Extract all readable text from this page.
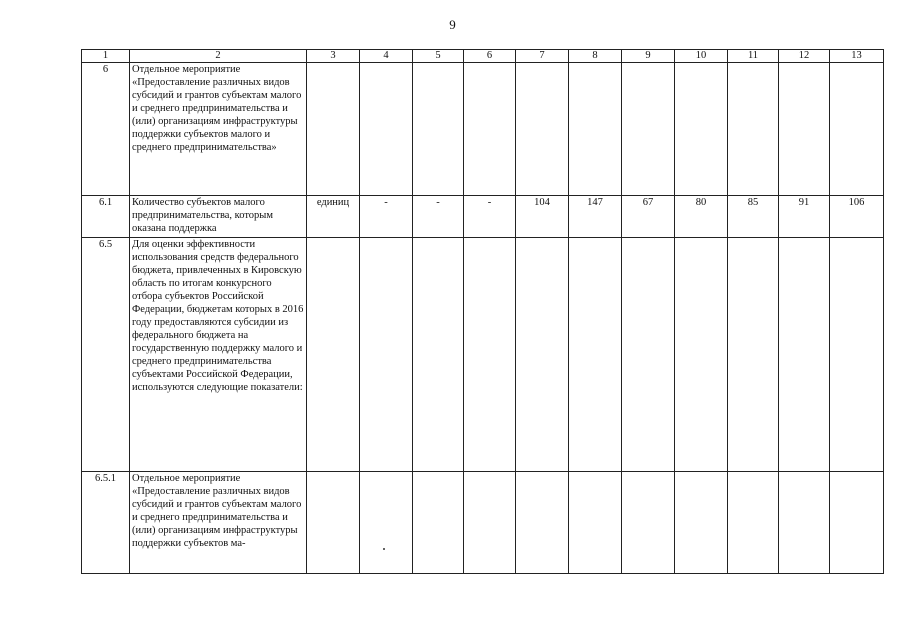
9
1	2	3	4	5	6	7	8	9	10	11	12	13
6	Отдельное мероприятие «Предоставление различных видов субсидий и грантов субъектам малого и среднего предпринимательства и (или) организациям инфраструктуры поддержки субъектов малого и среднего предпринимательства»											
6.1	Количество субъектов малого предпринимательства, которым оказана поддержка	единиц	-	-	-	104	147	67	80	85	91	106
6.5	Для оценки эффективности использования средств федерального бюджета, привлеченных в Кировскую область по итогам конкурсного отбора субъектов Российской Федерации, бюджетам которых в 2016 году предоставляются субсидии из федерального бюджета на государственную поддержку малого и среднего предпринимательства субъектами Российской Федерации, используются следующие показатели:											
6.5.1	Отдельное мероприятие «Предоставление различных видов субсидий и грантов субъектам малого и среднего предпринимательства и (или) организациям инфраструктуры поддержки субъектов ма-											
